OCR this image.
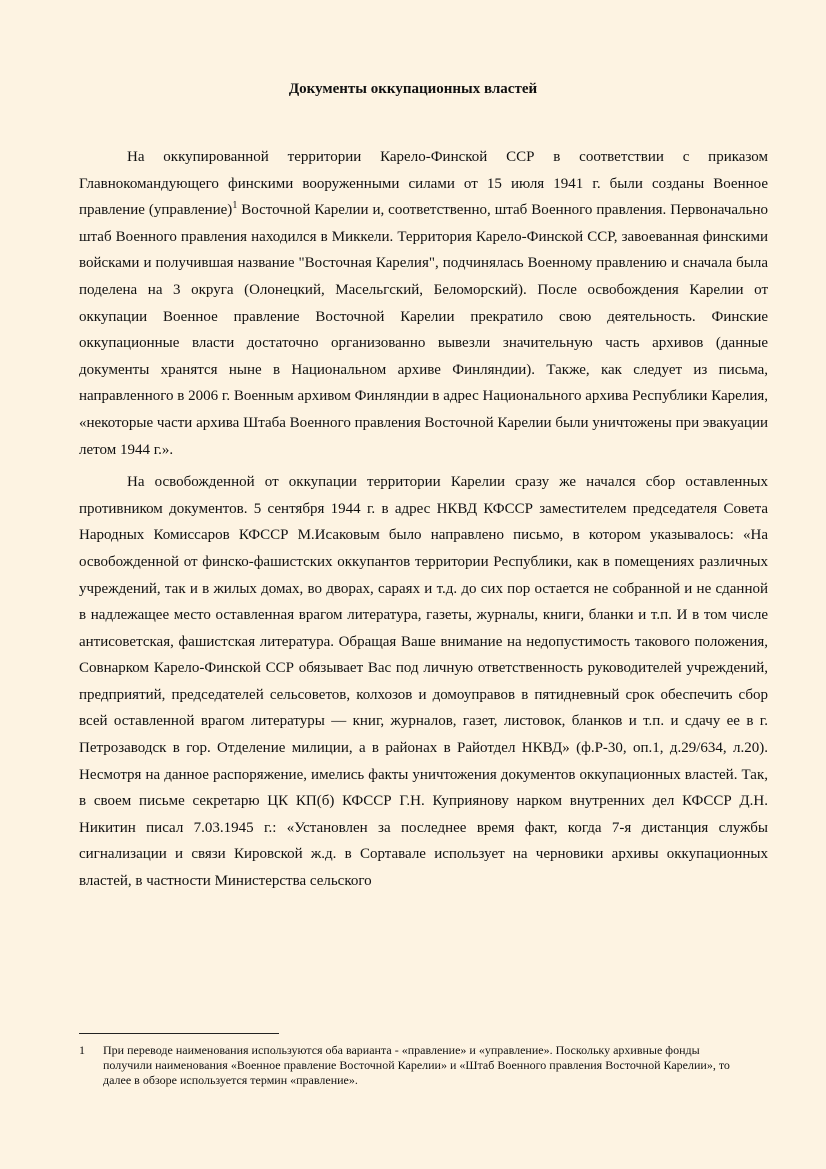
Документы оккупационных властей

На оккупированной территории Карело-Финской ССР в соответствии с приказом Главнокомандующего финскими вооруженными силами от 15 июля 1941 г. были созданы Военное правление (управление)$^1$ Восточной Карелии и, соответственно, штаб Военного правления. Первоначально штаб Военного правления находился в Миккели. Территория Карело-Финской ССР, завоеванная финскими войсками и получившая название "Восточная Карелия", подчинялась Военному правлению и сначала была поделена на 3 округа (Олонецкий, Масельгский, Беломорский). После освобождения Карелии от оккупации Военное правление Восточной Карелии прекратило свою деятельность. Финские оккупационные власти достаточно организованно вывезли значительную часть архивов (данные документы хранятся ныне в Национальном архиве Финляндии). Также, как следует из письма, направленного в 2006 г. Военным архивом Финляндии в адрес Национального архива Республики Карелия, «некоторые части архива Штаба Военного правления Восточной Карелии были уничтожены при эвакуации летом 1944 г.».

На освобожденной от оккупации территории Карелии сразу же начался сбор оставленных противником документов. 5 сентября 1944 г. в адрес НКВД КФССР заместителем председателя Совета Народных Комиссаров КФССР М.Исаковым было направлено письмо, в котором указывалось: «На освобожденной от финско-фашистских оккупантов территории Республики, как в помещениях различных учреждений, так и в жилых домах, во дворах, сараях и т.д. до сих пор остается не собранной и не сданной в надлежащее место оставленная врагом литература, газеты, журналы, книги, бланки и т.п. И в том числе антисоветская, фашистская литература. Обращая Ваше внимание на недопустимость такового положения, Совнарком Карело-Финской ССР обязывает Вас под личную ответственность руководителей учреждений, предприятий, председателей сельсоветов, колхозов и домоуправов в пятидневный срок обеспечить сбор всей оставленной врагом литературы — книг, журналов, газет, листовок, бланков и т.п. и сдачу ее в г. Петрозаводск в гор. Отделение милиции, а в районах в Райотдел НКВД» (ф.Р-30, оп.1, д.29/634, л.20). Несмотря на данное распоряжение, имелись факты уничтожения документов оккупационных властей. Так, в своем письме секретарю ЦК КП(б) КФССР Г.Н. Куприянову нарком внутренних дел КФССР Д.Н. Никитин писал 7.03.1945 г.: «Установлен за последнее время факт, когда 7-я дистанция службы сигнализации и связи Кировской ж.д. в Сортавале использует на черновики архивы оккупационных властей, в частности Министерства сельского

1	При переводе наименования используются оба варианта - «правление» и «управление». Поскольку архивные фонды получили наименования «Военное правление Восточной Карелии» и «Штаб Военного правления Восточной Карелии», то далее в обзоре используется термин «правление».
